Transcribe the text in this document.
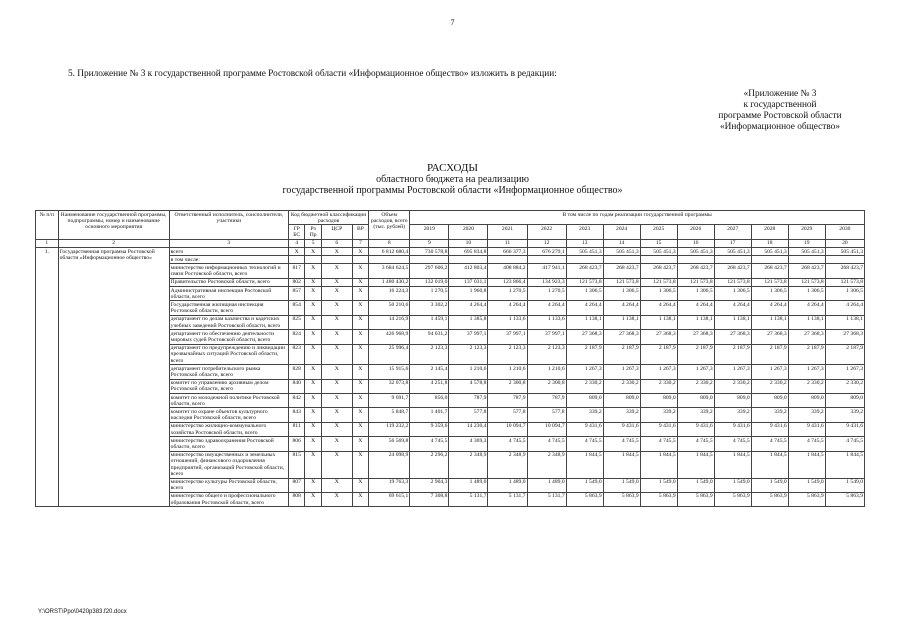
7
5. Приложение № 3 к государственной программе Ростовской области «Информационное общество» изложить в редакции:
«Приложение № 3
к государственной
программе Ростовской области
«Информационное общество»
РАСХОДЫ
областного бюджета на реализацию
государственной программы Ростовской области «Информационное общество»
№ п/п	Наименование государственной программы, подпрограммы, номер и наименование основного мероприятия	Ответственный исполнитель, соисполнители, участники	Код бюджетной классификации расходов				Объем расходов, всего (тыс. рублей)	В том числе по годам реализации государственной программы											
			ГР БС	Рз Пр	ЦСР	ВР		2019	2020	2021	2022	2023	2024	2025	2026	2027	2028	2029	2030
1	2	3	4	5	6	7	8	9	10	11	12	13	14	15	16	17	18	19	20
1.	Государственная программа Ростовской области «Информационное общество»	всего	Х	Х	Х	Х	6 812 680,4	730 578,8	695 834,8	666 377,3	676 279,1	505 451,3	505 451,3	505 451,3	505 451,3	505 451,3	505 451,3	505 451,3	505 451,3
		в том числе:																	
		министерство информационных технологий и связи Ростовской области, всего	817	Х	Х	Х	3 684 624,5	297 606,2	412 803,4	408 884,2	417 941,1	268 423,7	268 423,7	268 423,7	268 423,7	268 423,7	268 423,7	268 423,7	268 423,7
		Правительство Ростовской области, всего	802	Х	Х	Х	1 480 430,2	132 019,0	137 031,1	123 866,4	134 923,3	121 573,8	121 573,8	121 573,8	121 573,8	121 573,8	121 573,8	121 573,8	121 573,8
		Административная инспекция Ростовской области, всего	857	Х	Х	Х	16 224,3	1 270,5	1 960,8	1 270,5	1 270,5	1 306,5	1 306,5	1 306,5	1 306,5	1 306,5	1 306,5	1 306,5	1 306,5
		Государственная жилищная инспекция Ростовской области, всего	854	Х	Х	Х	50 210,6	3 302,2	4 264,4	4 264,4	4 264,4	4 264,4	4 264,4	4 264,4	4 264,4	4 264,4	4 264,4	4 264,4	4 264,4
		департамент по делам казачества и кадетских учебных заведений Ростовской области, всего	825	Х	Х	Х	14 216,9	1 459,1	1 385,8	1 133,6	1 133,6	1 138,1	1 138,1	1 138,1	1 138,1	1 138,1	1 138,1	1 138,1	1 138,1
		департамент по обеспечению деятельности мировых судей Ростовской области, всего	824	Х	Х	Х	426 968,9	94 031,2	37 997,1	37 997,1	37 997,1	27 368,3	27 368,3	27 368,3	27 368,3	27 368,3	27 368,3	27 368,3	27 368,3
		департамент по предупреждению и ликвидации чрезвычайных ситуаций Ростовской области, всего	823	Х	Х	Х	25 996,4	2 123,3	2 123,3	2 123,3	2 123,3	2 187,9	2 187,9	2 187,9	2 187,9	2 187,9	2 187,9	2 187,9	2 187,9
		департамент потребительского рынка Ростовской области, всего	828	Х	Х	Х	15 915,6	2 145,4	1 210,6	1 210,6	1 210,6	1 267,3	1 267,3	1 267,3	1 267,3	1 267,3	1 267,3	1 267,3	1 267,3
		комитет по управлению архивным делом Ростовской области, всего	840	Х	Х	Х	32 073,8	4 251,8	4 578,8	2 300,8	2 300,8	2 330,2	2 330,2	2 330,2	2 330,2	2 330,2	2 330,2	2 330,2	2 330,2
		комитет по молодежной политике Ростовской области, всего	842	Х	Х	Х	9 691,7	856,0	787,9	787,9	787,9	809,0	809,0	809,0	809,0	809,0	809,0	809,0	809,0
		комитет по охране объектов культурного наследия Ростовской области, всего	843	Х	Х	Х	5 848,7	1 401,7	577,8	577,8	577,8	339,2	339,2	339,2	339,2	339,2	339,2	339,2	339,2
		министерство жилищно-коммунального хозяйства Ростовской области, всего	811	Х	Х	Х	119 232,2	9 359,6	14 230,4	10 094,7	10 094,7	9 431,6	9 431,6	9 431,6	9 431,6	9 431,6	9 431,6	9 431,6	9 431,6
		министерство здравоохранения Ростовской области, всего	806	Х	Х	Х	56 569,8	4 745,5	4 369,3	4 745,5	4 745,5	4 745,5	4 745,5	4 745,5	4 745,5	4 745,5	4 745,5	4 745,5	4 745,5
		министерство имущественных и земельных отношений, финансового оздоровления предприятий, организаций Ростовской области, всего	815	Х	Х	Х	24 098,9	2 296,2	2 348,9	2 348,9	2 348,9	1 844,5	1 844,5	1 844,5	1 844,5	1 844,5	1 844,5	1 844,5	1 844,5
		министерство культуры Ростовской области, всего	807	Х	Х	Х	19 763,3	2 904,3	1 489,0	1 489,0	1 489,0	1 549,0	1 549,0	1 549,0	1 549,0	1 549,0	1 549,0	1 549,0	1 549,0
		министерство общего и профессионального образования Ростовской области, всего	808	Х	Х	Х	69 615,1	7 308,8	5 131,7	5 131,7	5 131,7	5 863,9	5 863,9	5 863,9	5 863,9	5 863,9	5 863,9	5 863,9	5 863,9
Y:\ORST\Ppo\0420p383.f20.docx
